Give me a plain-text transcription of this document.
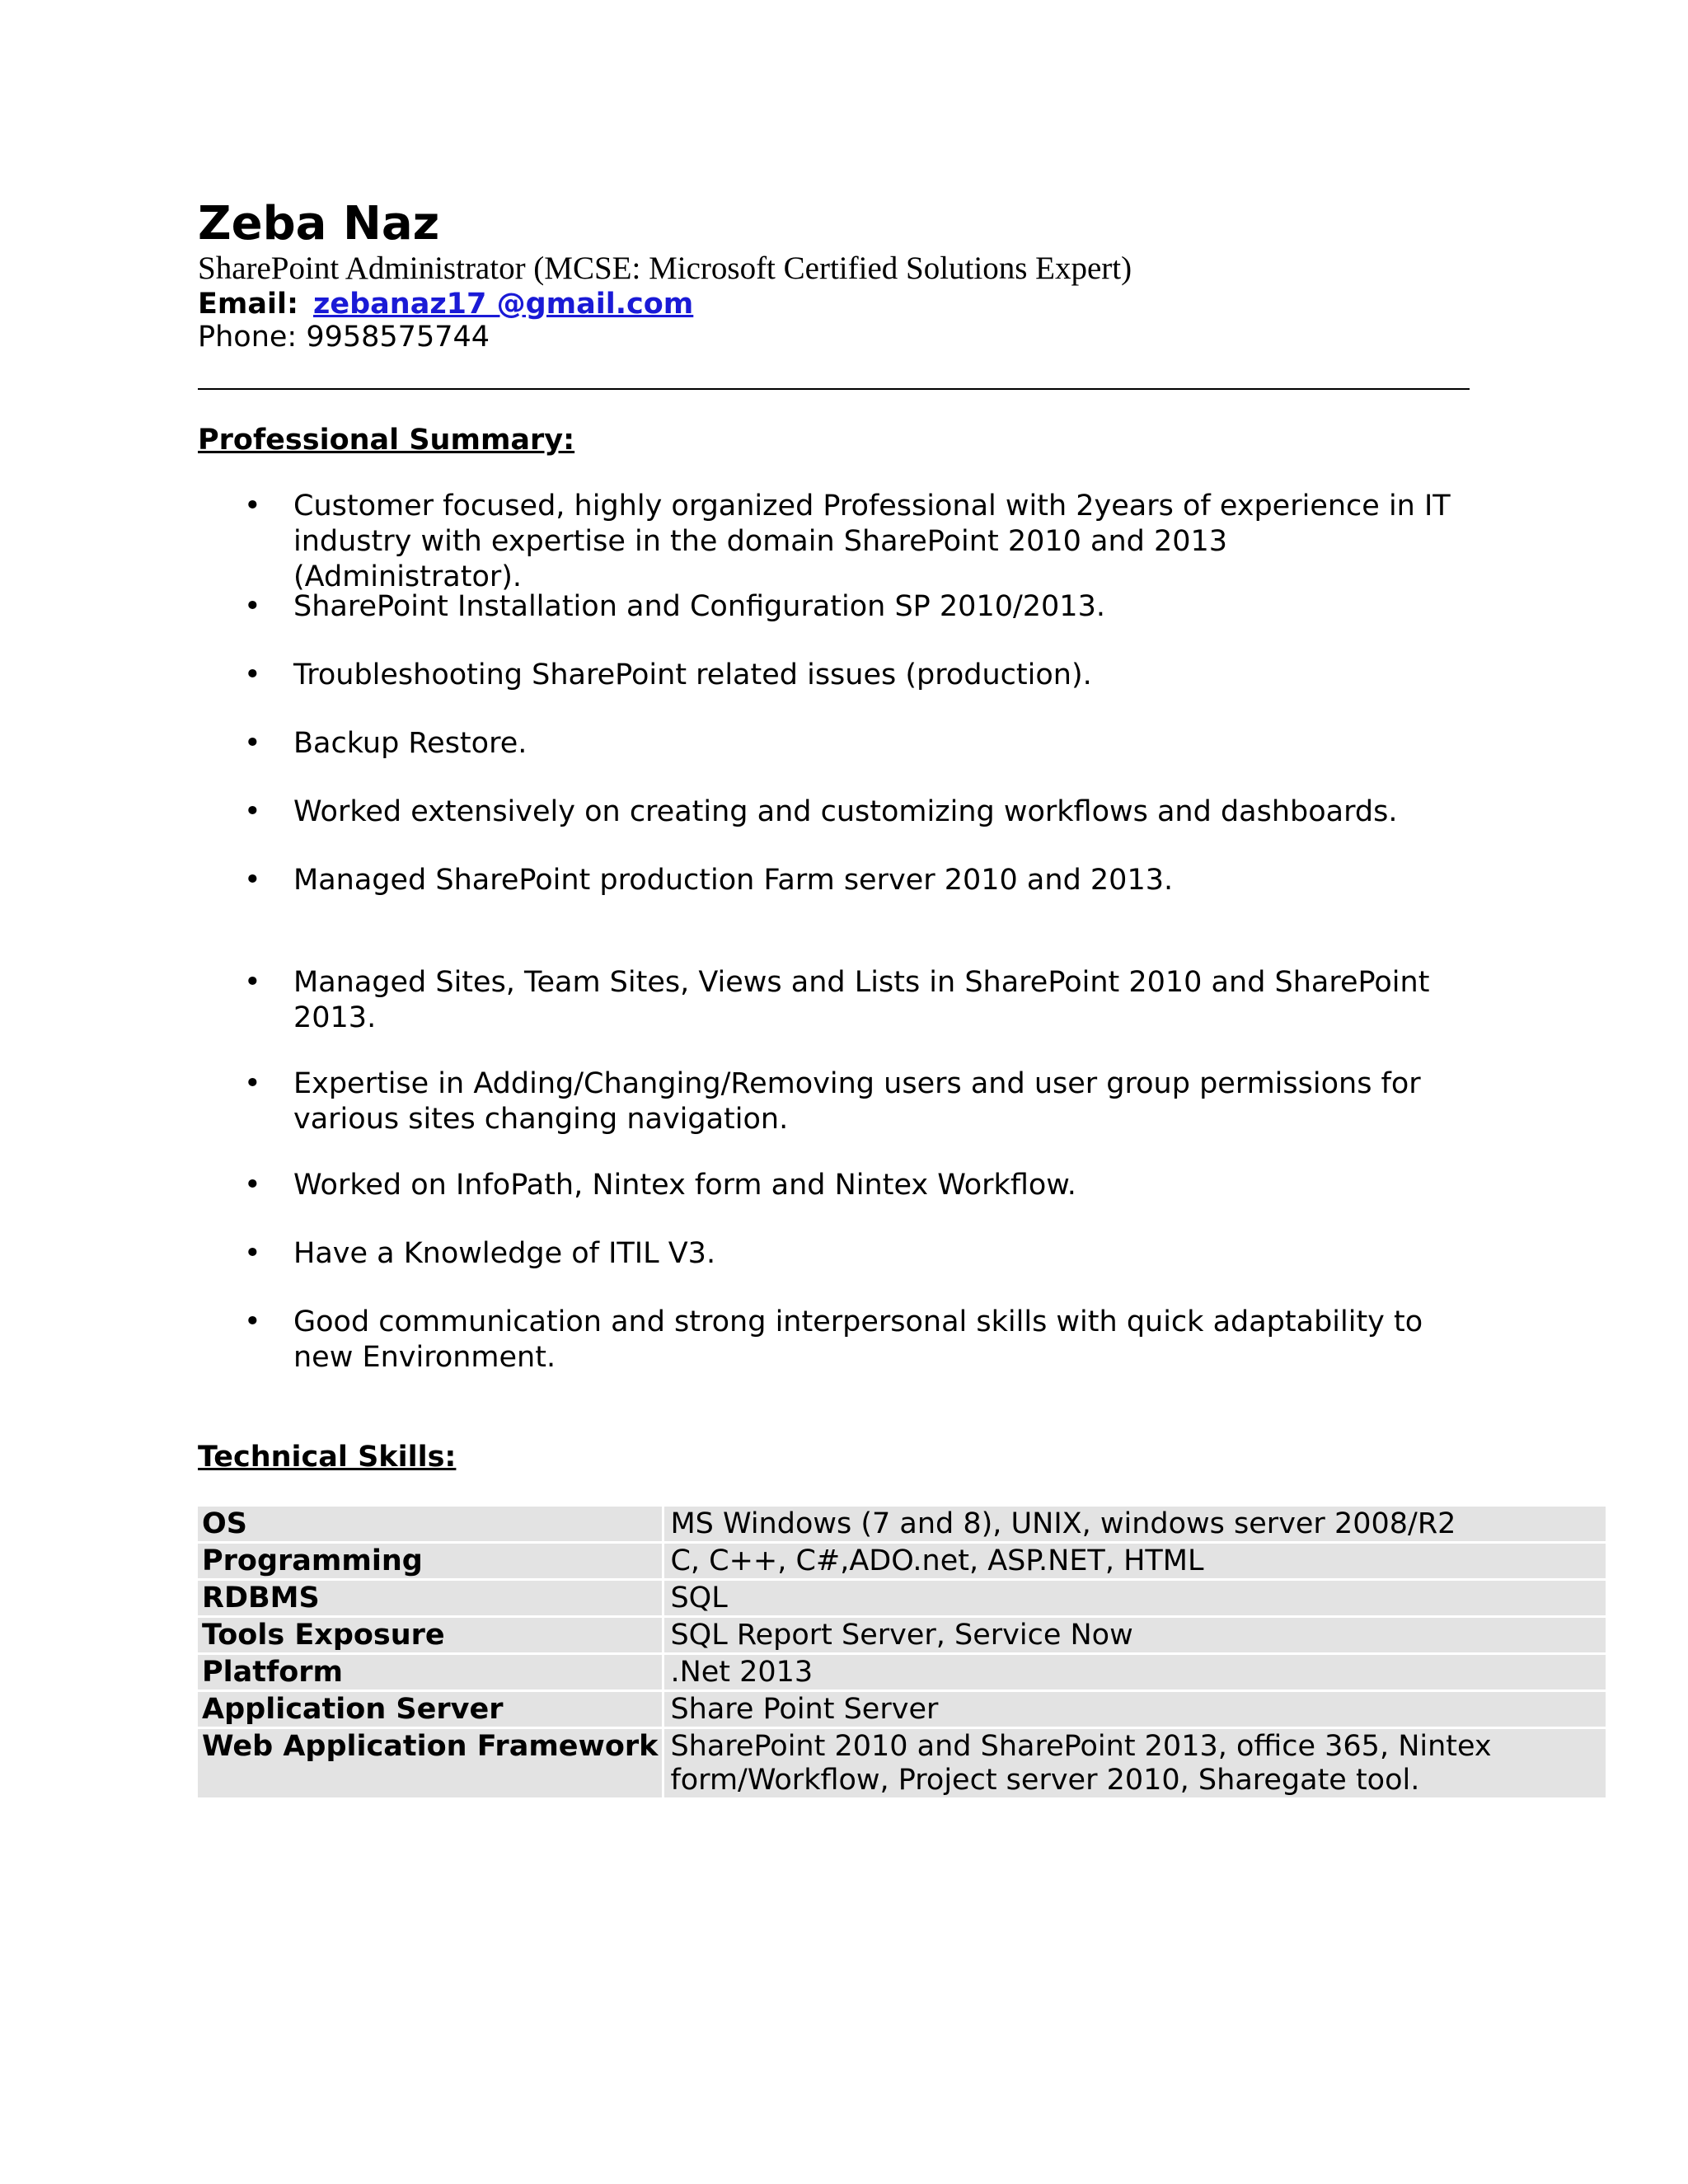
Zeba Naz
SharePoint Administrator (MCSE: Microsoft Certified Solutions Expert)
Email: zebanaz17 @gmail.com
Phone: 9958575744
Professional Summary:
• Customer focused, highly organized Professional with 2years of experience in IT industry with expertise in the domain SharePoint 2010 and 2013 (Administrator).
• SharePoint Installation and Configuration SP 2010/2013.
• Troubleshooting SharePoint related issues (production).
• Backup Restore.
• Worked extensively on creating and customizing workflows and dashboards.
• Managed SharePoint production Farm server 2010 and 2013.
• Managed Sites, Team Sites, Views and Lists in SharePoint 2010 and SharePoint 2013.
• Expertise in Adding/Changing/Removing users and user group permissions for various sites changing navigation.
• Worked on InfoPath, Nintex form and Nintex Workflow.
• Have a Knowledge of ITIL V3.
• Good communication and strong interpersonal skills with quick adaptability to new Environment.
Technical Skills:
OS	MS Windows (7 and 8), UNIX, windows server 2008/R2
Programming	C, C++, C#,ADO.net, ASP.NET, HTML
RDBMS	SQL
Tools Exposure	SQL Report Server, Service Now
Platform	.Net 2013
Application Server	Share Point Server
Web Application Framework	SharePoint 2010 and SharePoint 2013, office 365, Nintex form/Workflow, Project server 2010, Sharegate tool.
